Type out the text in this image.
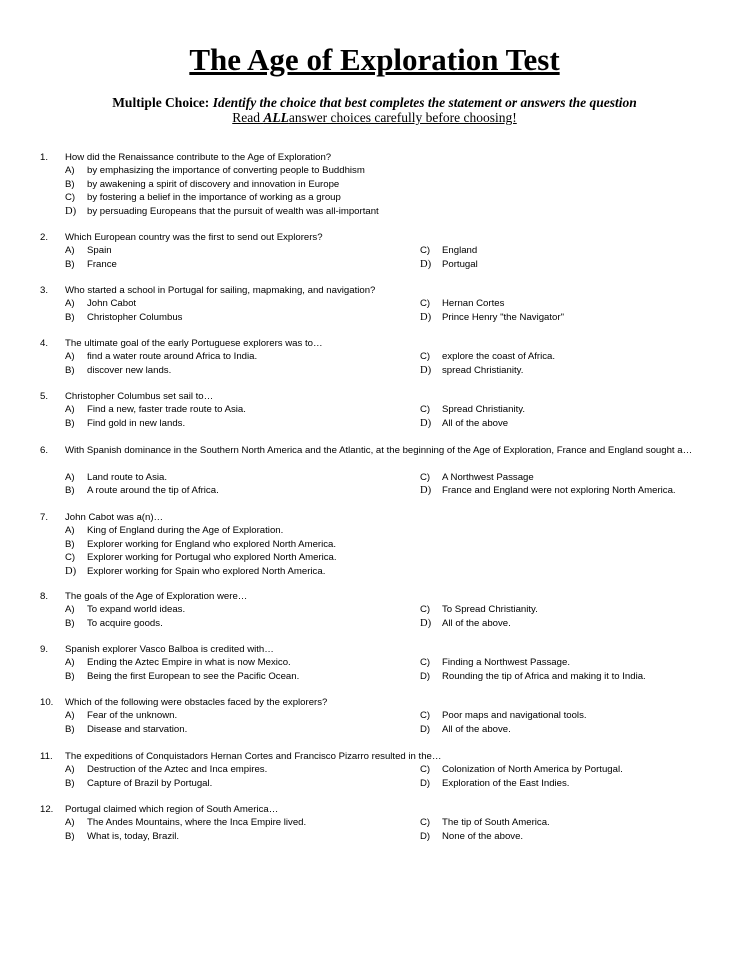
The Age of Exploration Test
Multiple Choice: Identify the choice that best completes the statement or answers the question
Read ALLanswer choices carefully before choosing!
1. How did the Renaissance contribute to the Age of Exploration?
A) by emphasizing the importance of converting people to Buddhism
B) by awakening a spirit of discovery and innovation in Europe
C) by fostering a belief in the importance of working as a group
D) by persuading Europeans that the pursuit of wealth was all-important
2. Which European country was the first to send out Explorers?
A) Spain	C) England
B) France	D) Portugal
3. Who started a school in Portugal for sailing, mapmaking, and navigation?
A) John Cabot	C) Hernan Cortes
B) Christopher Columbus	D) Prince Henry "the Navigator"
4. The ultimate goal of the early Portuguese explorers was to…
A) find a water route around Africa to India.	C) explore the coast of Africa.
B) discover new lands.	D) spread Christianity.
5. Christopher Columbus set sail to…
A) Find a new, faster trade route to Asia.	C) Spread Christianity.
B) Find gold in new lands.	D) All of the above
6. With Spanish dominance in the Southern North America and the Atlantic, at the beginning of the Age of Exploration, France and England sought a…
A) Land route to Asia.	C) A Northwest Passage
B) A route around the tip of Africa.	D) France and England were not exploring North America.
7. John Cabot was a(n)…
A) King of England during the Age of Exploration.
B) Explorer working for England who explored North America.
C) Explorer working for Portugal who explored North America.
D) Explorer working for Spain who explored North America.
8. The goals of the Age of Exploration were…
A) To expand world ideas.	C) To Spread Christianity.
B) To acquire goods.	D) All of the above.
9. Spanish explorer Vasco Balboa is credited with…
A) Ending the Aztec Empire in what is now Mexico.	C) Finding a Northwest Passage.
B) Being the first European to see the Pacific Ocean.	D) Rounding the tip of Africa and making it to India.
10. Which of the following were obstacles faced by the explorers?
A) Fear of the unknown.	C) Poor maps and navigational tools.
B) Disease and starvation.	D) All of the above.
11. The expeditions of Conquistadors Hernan Cortes and Francisco Pizarro resulted in the…
A) Destruction of the Aztec and Inca empires.	C) Colonization of North America by Portugal.
B) Capture of Brazil by Portugal.	D) Exploration of the East Indies.
12. Portugal claimed which region of South America…
A) The Andes Mountains, where the Inca Empire lived.	C) The tip of South America.
B) What is, today, Brazil.	D) None of the above.
